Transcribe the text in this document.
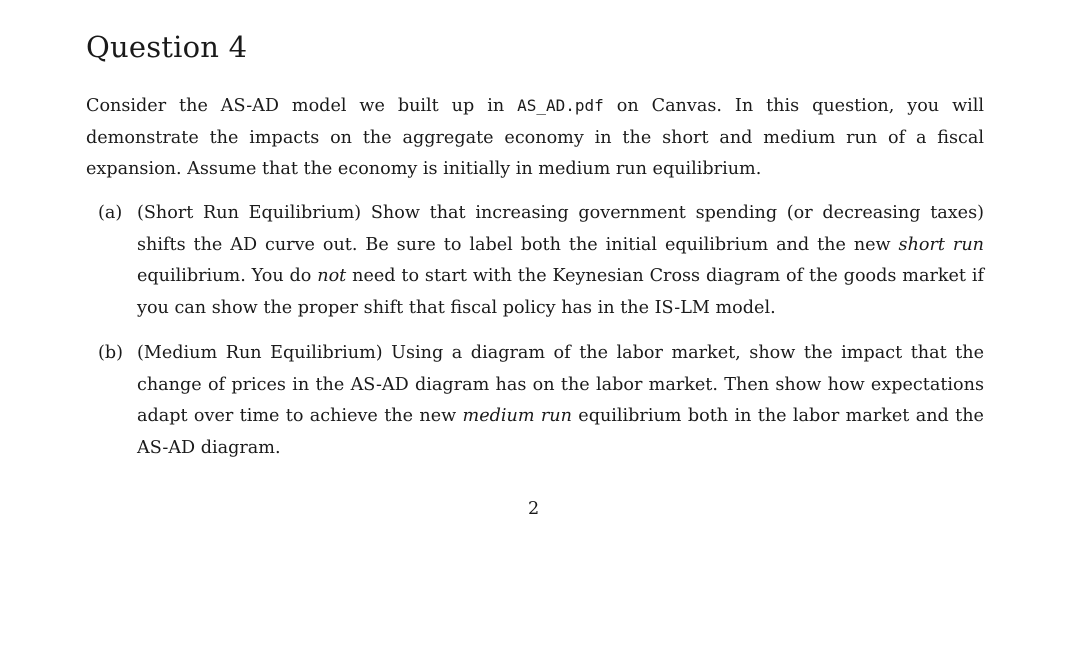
Question 4

Consider the AS-AD model we built up in AS_AD.pdf on Canvas. In this question, you will demonstrate the impacts on the aggregate economy in the short and medium run of a fiscal expansion. Assume that the economy is initially in medium run equilibrium.

(a) (Short Run Equilibrium) Show that increasing government spending (or decreasing taxes) shifts the AD curve out. Be sure to label both the initial equilibrium and the new short run equilibrium. You do not need to start with the Keynesian Cross diagram of the goods market if you can show the proper shift that fiscal policy has in the IS-LM model.
(b) (Medium Run Equilibrium) Using a diagram of the labor market, show the impact that the change of prices in the AS-AD diagram has on the labor market. Then show how expectations adapt over time to achieve the new medium run equilibrium both in the labor market and the AS-AD diagram.
2
